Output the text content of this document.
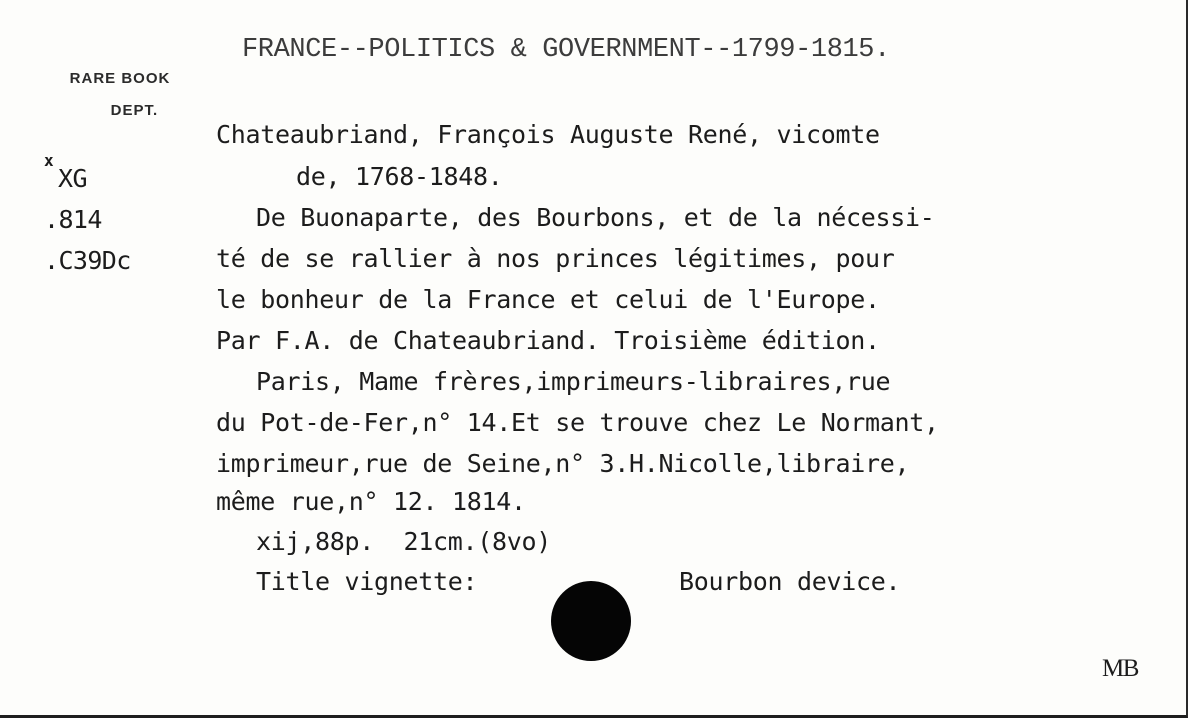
RARE BOOK

DEPT.

FRANCE--POLITICS & GOVERNMENT--1799-1815.
x
XG
.814
.C39Dc
Chateaubriand, François Auguste René, vicomte
de, 1768-1848.
De Buonaparte, des Bourbons, et de la nécessi-
té de se rallier à nos princes légitimes, pour
le bonheur de la France et celui de l'Europe.
Par F.A. de Chateaubriand. Troisième édition.
Paris, Mame frères,imprimeurs-libraires,rue
du Pot-de-Fer,n° 14.Et se trouve chez Le Normant,
imprimeur,rue de Seine,n° 3.H.Nicolle,libraire,
même rue,n° 12. 1814.
xij,88p.  21cm.(8vo)
Title vignette:	Bourbon device.
MB
